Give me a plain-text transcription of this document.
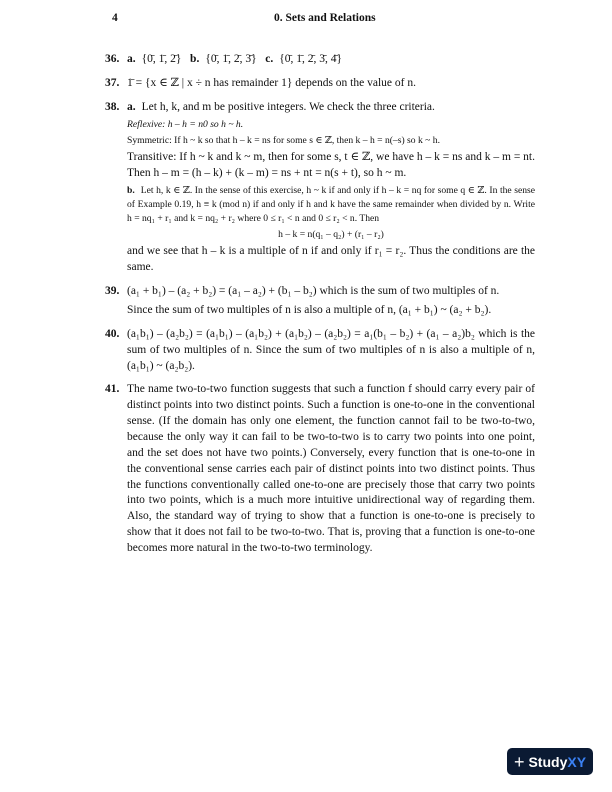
4	0. Sets and Relations
36. a. {0̄, 1̄, 2̄} b. {0̄, 1̄, 2̄, 3̄} c. {0̄, 1̄, 2̄, 3̄, 4̄}
37. 1̄ = {x ∈ ℤ | x ÷ n has remainder 1} depends on the value of n.

38. a. Let h, k, and m be positive integers. We check the three criteria.

Reflexive: h – h = n0 so h ~ h.

Symmetric: If h ~ k so that h – k = ns for some s ∈ ℤ, then k – h = n(–s) so k ~ h.

Transitive: If h ~ k and k ~ m, then for some s, t ∈ ℤ, we have h – k = ns and k – m = nt. Then h – m = (h – k) + (k – m) = ns + nt = n(s + t), so h ~ m.

b. Let h, k ∈ ℤ. In the sense of this exercise, h ~ k if and only if h – k = nq for some q ∈ ℤ. In the sense of Example 0.19, h ≡ k (mod n) if and only if h and k have the same remainder when divided by n. Write h = nq₁ + r₁ and k = nq₂ + r₂ where 0 ≤ r₁ < n and 0 ≤ r₂ < n. Then

h – k = n(q₁ – q₂) + (r₁ – r₂)

and we see that h – k is a multiple of n if and only if r₁ = r₂. Thus the conditions are the same.

39. (a₁ + b₁) – (a₂ + b₂) = (a₁ – a₂) + (b₁ – b₂) which is the sum of two multiples of n.

Since the sum of two multiples of n is also a multiple of n, (a₁ + b₁) ~ (a₂ + b₂).

40. (a₁b₁) – (a₂b₂) = (a₁b₁) – (a₁b₂) + (a₁b₂) – (a₂b₂) = a₁(b₁ – b₂) + (a₁ – a₂)b₂ which is the sum of two multiples of n. Since the sum of two multiples of n is also a multiple of n, (a₁b₁) ~ (a₂b₂).

41. The name two-to-two function suggests that such a function f should carry every pair of distinct points into two distinct points. Such a function is one-to-one in the conventional sense. (If the domain has only one element, the function cannot fail to be two-to-two, because the only way it can fail to be two-to-two is to carry two points into one point, and the set does not have two points.) Conversely, every function that is one-to-one in the conventional sense carries each pair of distinct points into two distinct points. Thus the functions conventionally called one-to-one are precisely those that carry two points into two points, which is a much more intuitive unidirectional way of regarding them. Also, the standard way of trying to show that a function is one-to-one is precisely to show that it does not fail to be two-to-two. That is, proving that a function is one-to-one becomes more natural in the two-to-two terminology.

+ StudyXY
